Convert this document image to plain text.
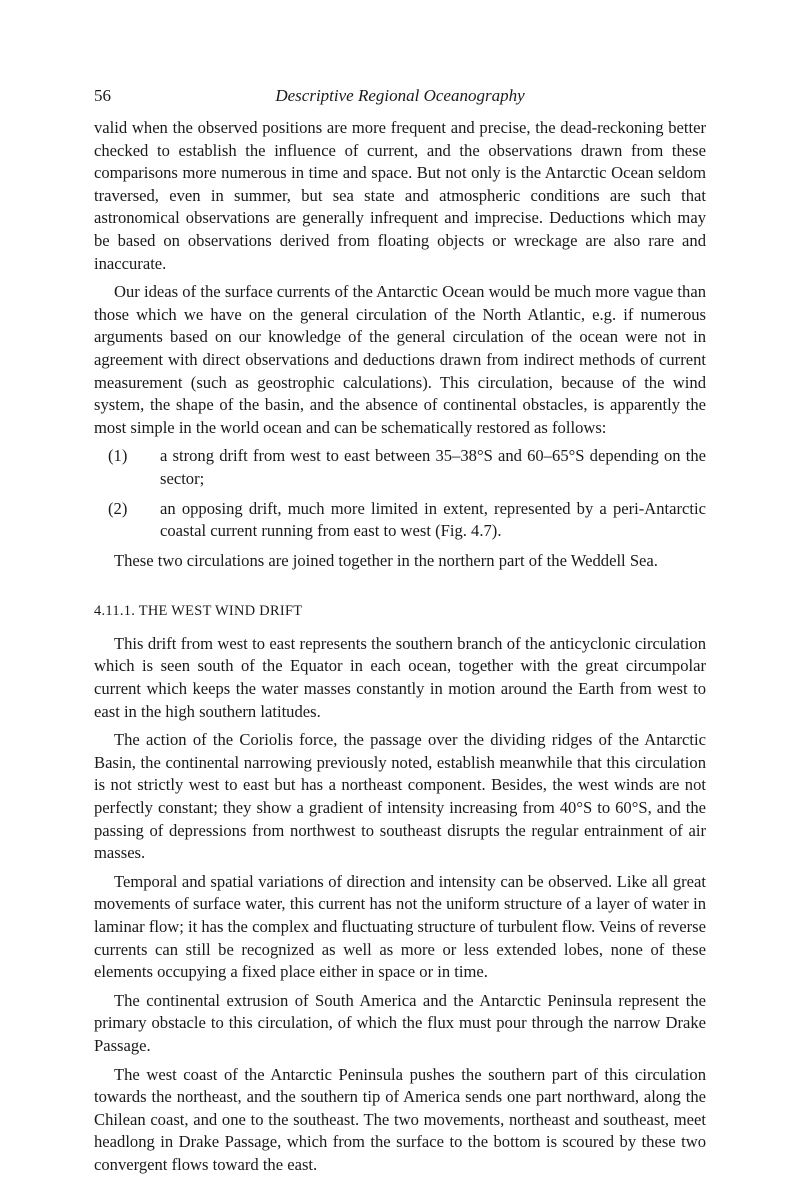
56	Descriptive Regional Oceanography

valid when the observed positions are more frequent and precise, the dead-reckoning better checked to establish the influence of current, and the observations drawn from these comparisons more numerous in time and space. But not only is the Antarctic Ocean seldom traversed, even in summer, but sea state and atmospheric conditions are such that astronomical observations are generally infrequent and imprecise. Deductions which may be based on observations derived from floating objects or wreckage are also rare and inaccurate.

Our ideas of the surface currents of the Antarctic Ocean would be much more vague than those which we have on the general circulation of the North Atlantic, e.g. if numerous arguments based on our knowledge of the general circulation of the ocean were not in agreement with direct observations and deductions drawn from indirect methods of current measurement (such as geostrophic calculations). This circulation, because of the wind system, the shape of the basin, and the absence of continental obstacles, is apparently the most simple in the world ocean and can be schematically restored as follows:

(1) a strong drift from west to east between 35–38°S and 60–65°S depending on the sector;
(2) an opposing drift, much more limited in extent, represented by a peri-Antarctic coastal current running from east to west (Fig. 4.7).

These two circulations are joined together in the northern part of the Weddell Sea.

4.11.1. THE WEST WIND DRIFT

This drift from west to east represents the southern branch of the anticyclonic circulation which is seen south of the Equator in each ocean, together with the great circumpolar current which keeps the water masses constantly in motion around the Earth from west to east in the high southern latitudes.

The action of the Coriolis force, the passage over the dividing ridges of the Antarctic Basin, the continental narrowing previously noted, establish meanwhile that this circulation is not strictly west to east but has a northeast component. Besides, the west winds are not perfectly constant; they show a gradient of intensity increasing from 40°S to 60°S, and the passing of depressions from northwest to southeast disrupts the regular entrainment of air masses.

Temporal and spatial variations of direction and intensity can be observed. Like all great movements of surface water, this current has not the uniform structure of a layer of water in laminar flow; it has the complex and fluctuating structure of turbulent flow. Veins of reverse currents can still be recognized as well as more or less extended lobes, none of these elements occupying a fixed place either in space or in time.

The continental extrusion of South America and the Antarctic Peninsula represent the primary obstacle to this circulation, of which the flux must pour through the narrow Drake Passage.

The west coast of the Antarctic Peninsula pushes the southern part of this circulation towards the northeast, and the southern tip of America sends one part northward, along the Chilean coast, and one to the southeast. The two movements, northeast and southeast, meet headlong in Drake Passage, which from the surface to the bottom is scoured by these two convergent flows toward the east.
